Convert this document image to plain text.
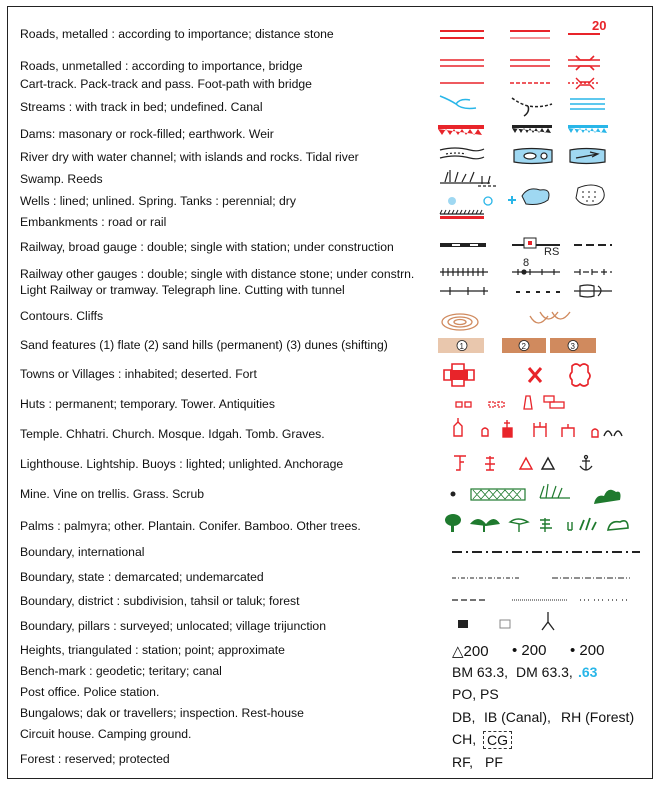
Roads, metalled : according to importance; distance stone
Roads, unmetalled : according to importance, bridge
Cart-track. Pack-track and pass. Foot-path with bridge
Streams : with track in bed; undefined. Canal
Dams: masonary or rock-filled; earthwork. Weir
River dry with water channel; with islands and rocks. Tidal river
Swamp. Reeds
Wells : lined; unlined. Spring. Tanks : perennial; dry
Embankments : road or rail
Railway, broad gauge : double; single with station; under construction
Railway other gauges : double; single with distance stone; under constrn.
Light Railway or tramway. Telegraph line. Cutting with tunnel
Contours. Cliffs
Sand features (1) flate (2) sand hills (permanent) (3) dunes (shifting)
Towns or Villages : inhabited; deserted. Fort
Huts : permanent; temporary. Tower. Antiquities
Temple. Chhatri. Church. Mosque. Idgah. Tomb. Graves.
Lighthouse. Lightship. Buoys : lighted; unlighted. Anchorage
Mine. Vine on trellis. Grass. Scrub
Palms : palmyra; other. Plantain. Conifer. Bamboo. Other trees.
Boundary, international
Boundary, state : demarcated; undemarcated
Boundary, district : subdivision, tahsil or taluk; forest
Boundary, pillars : surveyed; unlocated; village trijunction
Heights, triangulated : station; point; approximate
Bench-mark : geodetic; teritary; canal
Post office. Police station.
Bungalows; dak or travellers; inspection. Rest-house
Circuit house. Camping ground.
Forest : reserved; protected
20
RS
8
1	2	3
△200 • 200 • 200
BM 63.3, DM 63.3, .63
PO, PS
DB, IB (Canal), RH (Forest)
CH, CG
RF, PF
